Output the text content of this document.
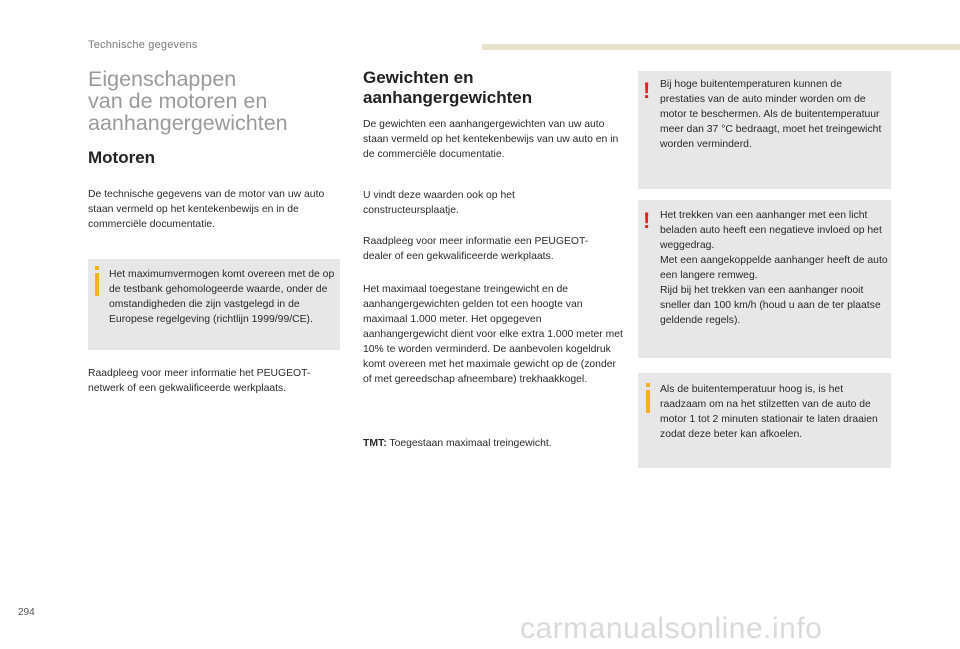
Technische gegevens
Eigenschappen
van de motoren en
aanhangergewichten
Motoren

De technische gegevens van de motor van uw auto staan vermeld op het kentekenbewijs en in de commerciële documentatie.

Het maximumvermogen komt overeen met de op de testbank gehomologeerde waarde, onder de omstandigheden die zijn vastgelegd in de Europese regelgeving (richtlijn 1999/99/CE).

Raadpleeg voor meer informatie het PEUGEOT-netwerk of een gekwalificeerde werkplaats.

Gewichten en
aanhangergewichten

De gewichten een aanhangergewichten van uw auto staan vermeld op het kentekenbewijs van uw auto en in de commerciële documentatie.

U vindt deze waarden ook op het constructeursplaatje.

Raadpleeg voor meer informatie een PEUGEOT-dealer of een gekwalificeerde werkplaats.

Het maximaal toegestane treingewicht en de aanhangergewichten gelden tot een hoogte van maximaal 1.000 meter. Het opgegeven aanhangergewicht dient voor elke extra 1.000 meter met 10% te worden verminderd. De aanbevolen kogeldruk komt overeen met het maximale gewicht op de (zonder of met gereedschap afneembare) trekhaakkogel.

TMT: Toegestaan maximaal treingewicht.

! Bij hoge buitentemperaturen kunnen de prestaties van de auto minder worden om de motor te beschermen. Als de buitentemperatuur meer dan 37 °C bedraagt, moet het treingewicht worden verminderd.

! Het trekken van een aanhanger met een licht beladen auto heeft een negatieve invloed op het weggedrag.

Met een aangekoppelde aanhanger heeft de auto een langere remweg.

Rijd bij het trekken van een aanhanger nooit sneller dan 100 km/h (houd u aan de ter plaatse geldende regels).

Als de buitentemperatuur hoog is, is het raadzaam om na het stilzetten van de auto de motor 1 tot 2 minuten stationair te laten draaien zodat deze beter kan afkoelen.

294	carmanualsonline.info
